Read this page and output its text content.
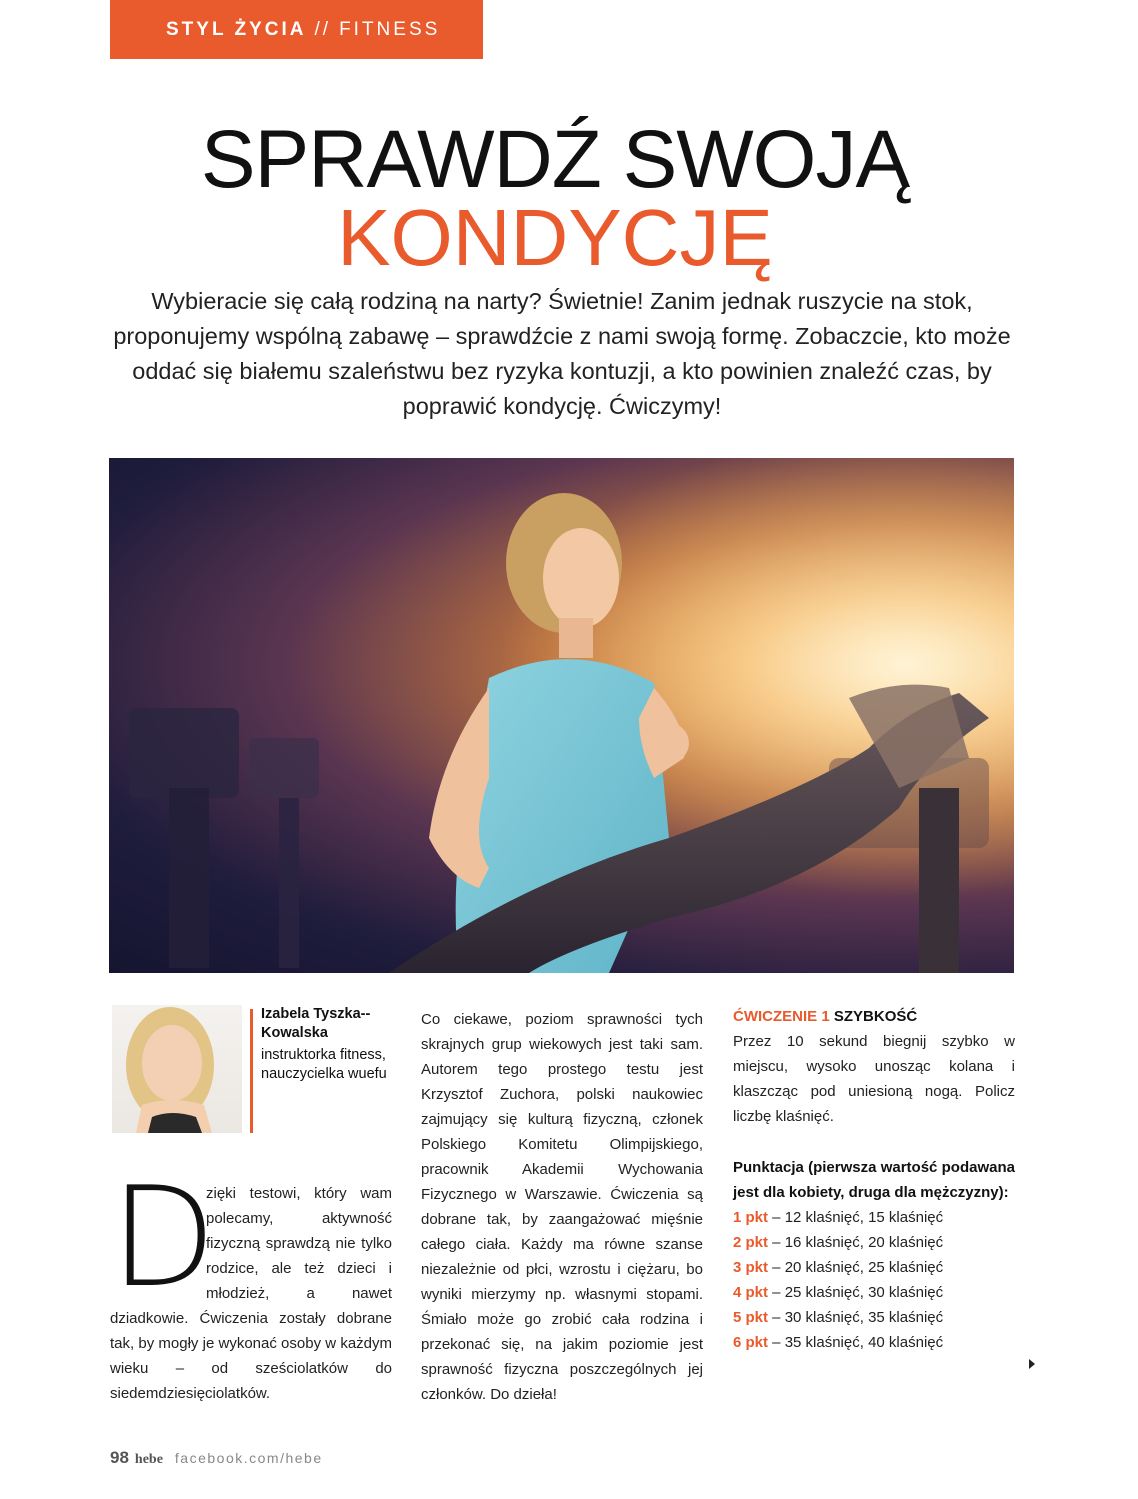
STYL ŻYCIA // FITNESS
SPRAWDŹ SWOJĄ
KONDYCJĘ

Wybieracie się całą rodziną na narty? Świetnie! Zanim jednak ruszycie na stok, proponujemy wspólną zabawę – sprawdźcie z nami swoją formę. Zobaczcie, kto może oddać się białemu szaleństwu bez ryzyka kontuzji, a kto powinien znaleźć czas, by poprawić kondycję. Ćwiczymy!

Izabela Tyszka--Kowalska
instruktorka fitness, nauczycielka wuefu
D

zięki testowi, który wam polecamy, aktywność fizyczną sprawdzą nie tylko rodzice, ale też dzieci i młodzież, a nawet dziadkowie. Ćwiczenia zostały dobrane tak, by mogły je wykonać osoby w każdym wieku – od sześciolatków do siedemdziesięciolatków.

Co ciekawe, poziom sprawności tych skrajnych grup wiekowych jest taki sam. Autorem tego prostego testu jest Krzysztof Zuchora, polski naukowiec zajmujący się kulturą fizyczną, członek Polskiego Komitetu Olimpijskiego, pracownik Akademii Wychowania Fizycznego w Warszawie. Ćwiczenia są dobrane tak, by zaangażować mięśnie całego ciała. Każdy ma równe szanse niezależnie od płci, wzrostu i ciężaru, bo wyniki mierzymy np. własnymi stopami. Śmiało może go zrobić cała rodzina i przekonać się, na jakim poziomie jest sprawność fizyczna poszczególnych jej członków. Do dzieła!

ĆWICZENIE 1 SZYBKOŚĆ

Przez 10 sekund biegnij szybko w miejscu, wysoko unosząc kolana i klaszcząc pod uniesioną nogą. Policz liczbę klaśnięć.

Punktacja (pierwsza wartość podawana jest dla kobiety, druga dla mężczyzny):

1 pkt – 12 klaśnięć, 15 klaśnięć
2 pkt – 16 klaśnięć, 20 klaśnięć
3 pkt – 20 klaśnięć, 25 klaśnięć
4 pkt – 25 klaśnięć, 30 klaśnięć
5 pkt – 30 klaśnięć, 35 klaśnięć
6 pkt – 35 klaśnięć, 40 klaśnięć
98 hebe facebook.com/hebe
